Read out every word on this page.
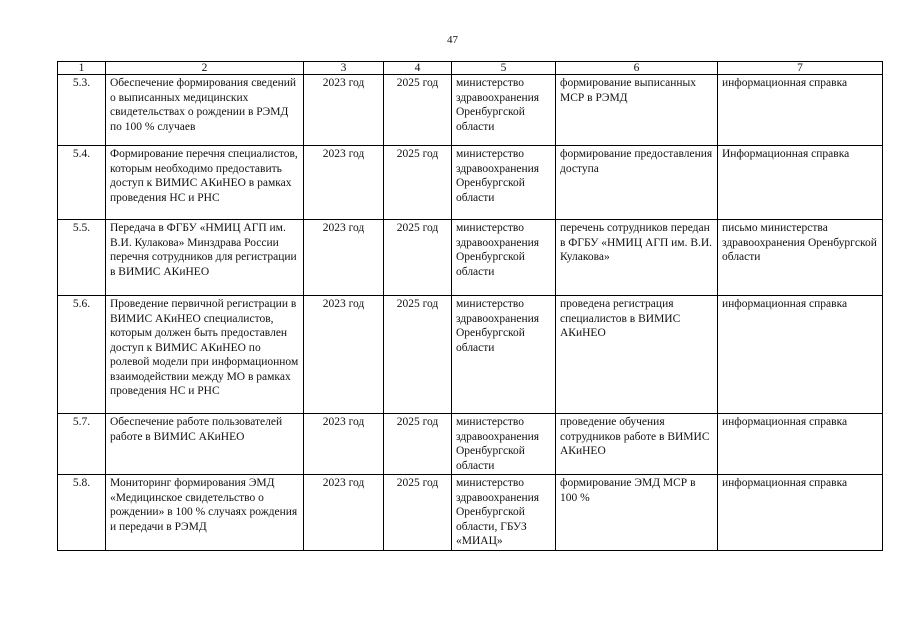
47
1	2	3	4	5	6	7
5.3.	Обеспечение формирования сведений о выписанных медицинских свидетельствах о рождении в РЭМД по 100 % случаев	2023 год	2025 год	министерство здравоохранения Оренбургской области	формирование выписанных МСР в РЭМД	информационная справка
5.4.	Формирование перечня специалистов, которым необходимо предоставить доступ к ВИМИС АКиНЕО в рамках проведения НС и РНС	2023 год	2025 год	министерство здравоохранения Оренбургской области	формирование предоставления доступа	Информационная справка
5.5.	Передача в ФГБУ «НМИЦ АГП им. В.И. Кулакова» Минздрава России перечня сотрудников для регистрации в ВИМИС АКиНЕО	2023 год	2025 год	министерство здравоохранения Оренбургской области	перечень сотрудников передан в ФГБУ «НМИЦ АГП им. В.И. Кулакова»	письмо министерства здравоохранения Оренбургской области
5.6.	Проведение первичной регистрации в ВИМИС АКиНЕО специалистов, которым должен быть предоставлен доступ к ВИМИС АКиНЕО по ролевой модели при информационном взаимодействии между МО в рамках проведения НС и РНС	2023 год	2025 год	министерство здравоохранения Оренбургской области	проведена регистрация специалистов в ВИМИС АКиНЕО	информационная справка
5.7.	Обеспечение работе пользователей работе в ВИМИС АКиНЕО	2023 год	2025 год	министерство здравоохранения Оренбургской области	проведение обучения сотрудников работе в ВИМИС АКиНЕО	информационная справка
5.8.	Мониторинг формирования ЭМД «Медицинское свидетельство о рождении» в 100 % случаях рождения и передачи в РЭМД	2023 год	2025 год	министерство здравоохранения Оренбургской области, ГБУЗ «МИАЦ»	формирование ЭМД МСР в 100 %	информационная справка
